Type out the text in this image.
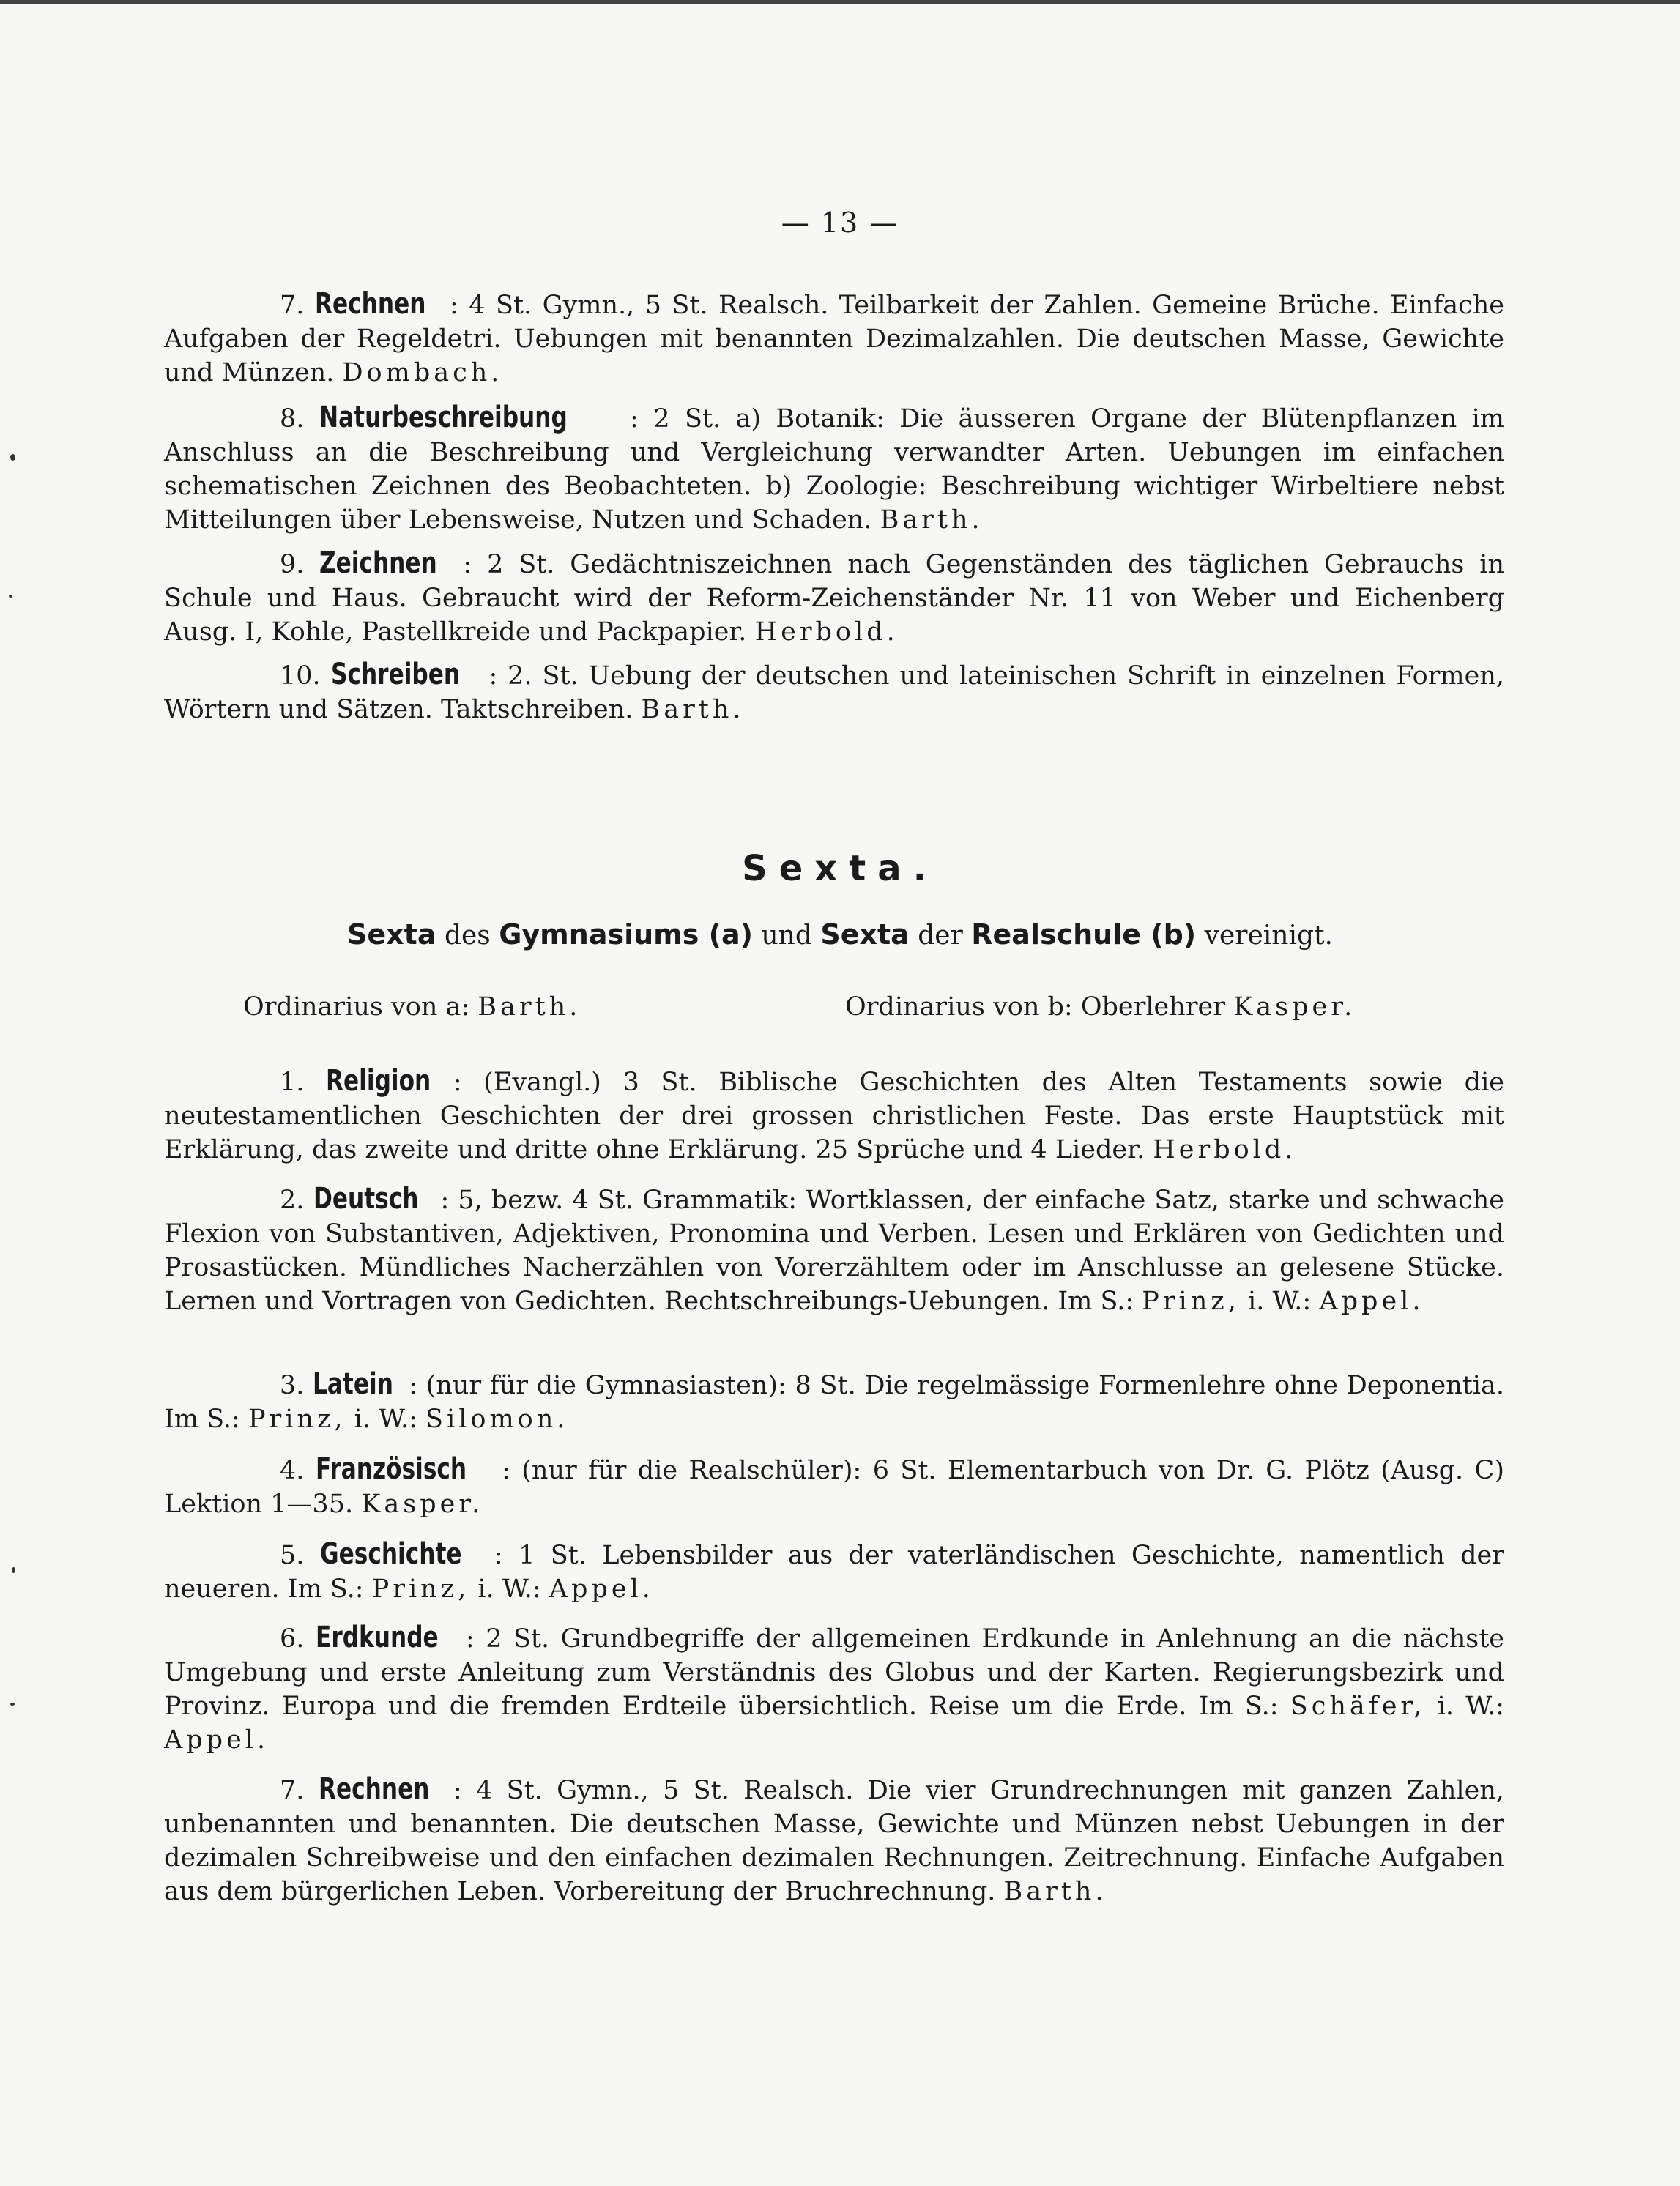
— 13 —

7. Rechnen : 4 St. Gymn., 5 St. Realsch. Teilbarkeit der Zahlen. Gemeine Brüche. Einfache Aufgaben der Regeldetri. Uebungen mit benannten Dezimalzahlen. Die deutschen Masse, Gewichte und Münzen. Dombach.

8. Naturbeschreibung : 2 St. a) Botanik: Die äusseren Organe der Blütenpflanzen im Anschluss an die Beschreibung und Vergleichung verwandter Arten. Uebungen im einfachen schematischen Zeichnen des Beobachteten. b) Zoologie: Beschreibung wichtiger Wirbeltiere nebst Mitteilungen über Lebensweise, Nutzen und Schaden. Barth.

9. Zeichnen : 2 St. Gedächtniszeichnen nach Gegenständen des täglichen Gebrauchs in Schule und Haus. Gebraucht wird der Reform-Zeichenständer Nr. 11 von Weber und Eichenberg Ausg. I, Kohle, Pastellkreide und Packpapier. Herbold.

10. Schreiben : 2. St. Uebung der deutschen und lateinischen Schrift in einzelnen Formen, Wörtern und Sätzen. Taktschreiben. Barth.

Sexta.

Sexta des Gymnasiums (a) und Sexta der Realschule (b) vereinigt.

Ordinarius von a: Barth.	Ordinarius von b: Oberlehrer Kasper.

1. Religion : (Evangl.) 3 St. Biblische Geschichten des Alten Testaments sowie die neutestamentlichen Geschichten der drei grossen christlichen Feste. Das erste Hauptstück mit Erklärung, das zweite und dritte ohne Erklärung. 25 Sprüche und 4 Lieder. Herbold.

2. Deutsch : 5, bezw. 4 St. Grammatik: Wortklassen, der einfache Satz, starke und schwache Flexion von Substantiven, Adjektiven, Pronomina und Verben. Lesen und Erklären von Gedichten und Prosastücken. Mündliches Nacherzählen von Vorerzähltem oder im Anschlusse an gelesene Stücke. Lernen und Vortragen von Gedichten. Rechtschreibungs-Uebungen. Im S.: Prinz, i. W.: Appel.

3. Latein : (nur für die Gymnasiasten): 8 St. Die regelmässige Formenlehre ohne Deponentia. Im S.: Prinz, i. W.: Silomon.

4. Französisch : (nur für die Realschüler): 6 St. Elementarbuch von Dr. G. Plötz (Ausg. C) Lektion 1—35. Kasper.

5. Geschichte : 1 St. Lebensbilder aus der vaterländischen Geschichte, namentlich der neueren. Im S.: Prinz, i. W.: Appel.

6. Erdkunde : 2 St. Grundbegriffe der allgemeinen Erdkunde in Anlehnung an die nächste Umgebung und erste Anleitung zum Verständnis des Globus und der Karten. Regierungsbezirk und Provinz. Europa und die fremden Erdteile übersichtlich. Reise um die Erde. Im S.: Schäfer, i. W.: Appel.

7. Rechnen : 4 St. Gymn., 5 St. Realsch. Die vier Grundrechnungen mit ganzen Zahlen, unbenannten und benannten. Die deutschen Masse, Gewichte und Münzen nebst Uebungen in der dezimalen Schreibweise und den einfachen dezimalen Rechnungen. Zeitrechnung. Einfache Aufgaben aus dem bürgerlichen Leben. Vorbereitung der Bruchrechnung. Barth.
